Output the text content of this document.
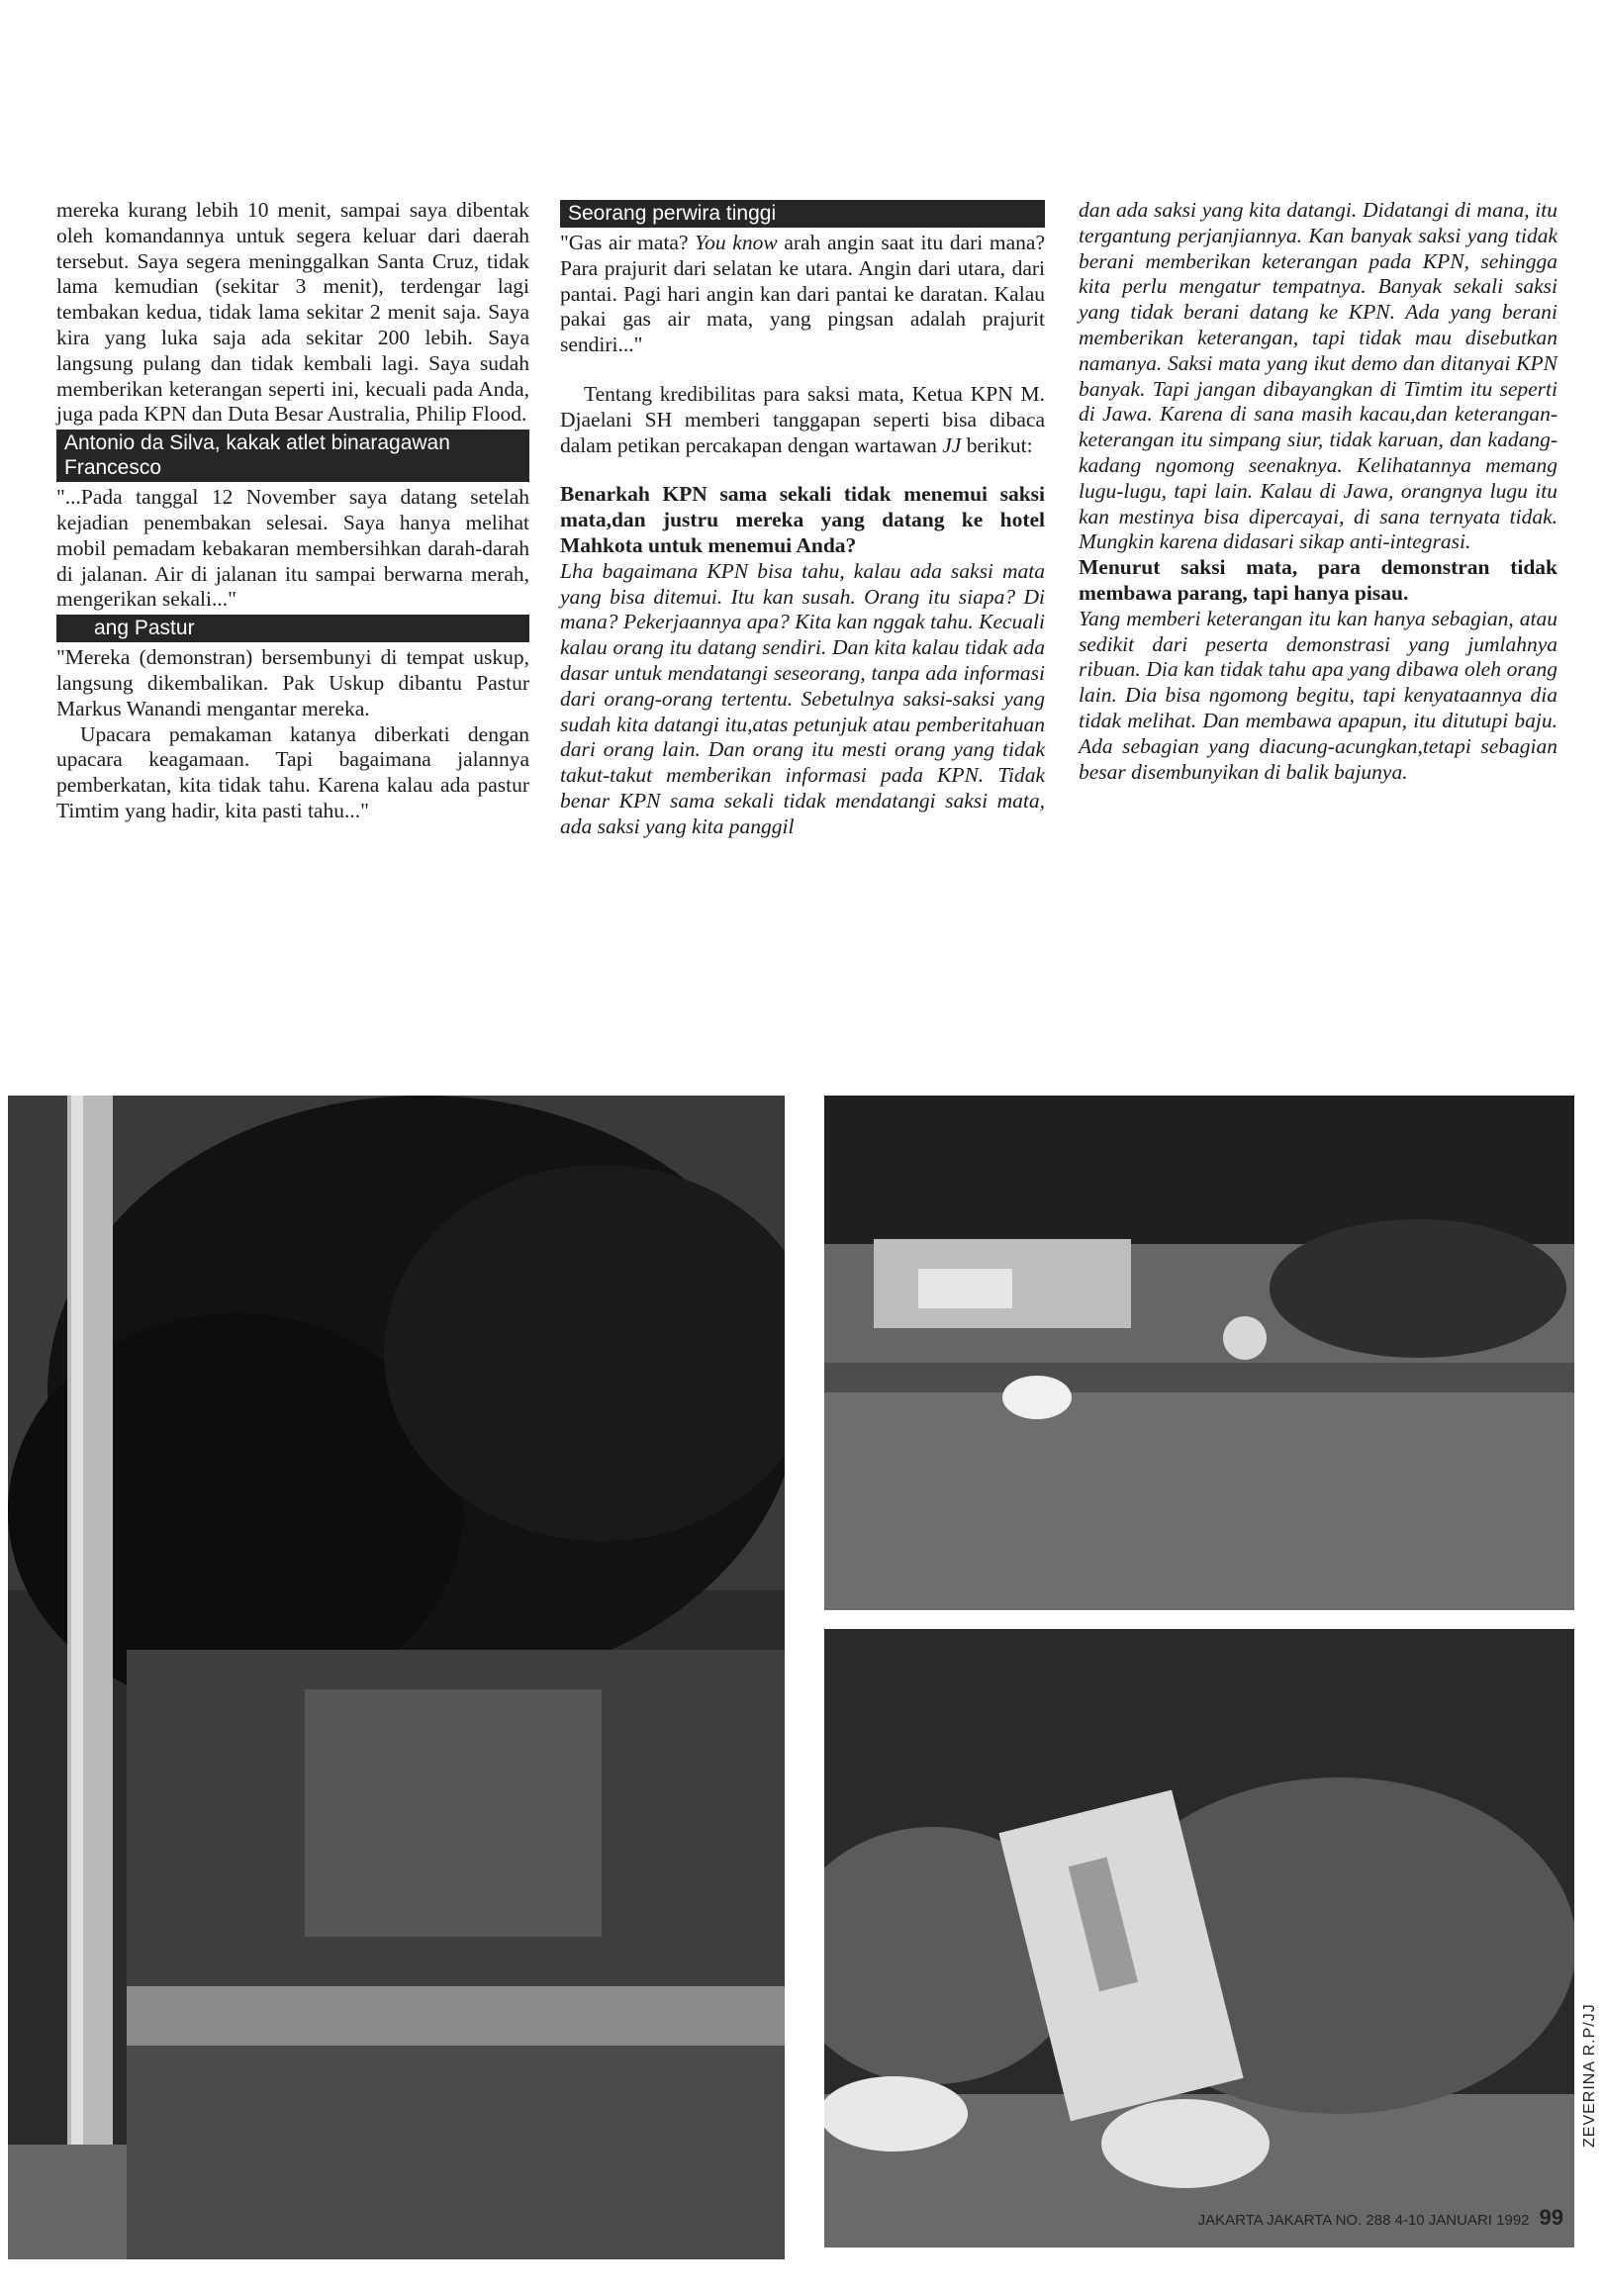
mereka kurang lebih 10 menit, sampai saya dibentak oleh komandannya untuk segera keluar dari daerah tersebut. Saya segera meninggalkan Santa Cruz, tidak lama kemudian (sekitar 3 menit), terdengar lagi tembakan kedua, tidak lama sekitar 2 menit saja. Saya kira yang luka saja ada sekitar 200 lebih. Saya langsung pulang dan tidak kembali lagi. Saya sudah memberikan keterangan seperti ini, kecuali pada Anda, juga pada KPN dan Duta Besar Australia, Philip Flood.

Antonio da Silva, kakak atlet binaragawan Francesco

"...Pada tanggal 12 November saya datang setelah kejadian penembakan selesai. Saya hanya melihat mobil pemadam kebakaran membersihkan darah-darah di jalanan. Air di jalanan itu sampai berwarna merah, mengerikan sekali..."

ang Pastur

"Mereka (demonstran) bersembunyi di tempat uskup, langsung dikembalikan. Pak Uskup dibantu Pastur Markus Wanandi mengantar mereka.

Upacara pemakaman katanya diberkati dengan upacara keagamaan. Tapi bagaimana jalannya pemberkatan, kita tidak tahu. Karena kalau ada pastur Timtim yang hadir, kita pasti tahu..."

Seorang perwira tinggi

"Gas air mata? You know arah angin saat itu dari mana? Para prajurit dari selatan ke utara. Angin dari utara, dari pantai. Pagi hari angin kan dari pantai ke daratan. Kalau pakai gas air mata, yang pingsan adalah prajurit sendiri..."

Tentang kredibilitas para saksi mata, Ketua KPN M. Djaelani SH memberi tanggapan seperti bisa dibaca dalam petikan percakapan dengan wartawan JJ berikut:

Benarkah KPN sama sekali tidak menemui saksi mata,dan justru mereka yang datang ke hotel Mahkota untuk menemui Anda?

Lha bagaimana KPN bisa tahu, kalau ada saksi mata yang bisa ditemui. Itu kan susah. Orang itu siapa? Di mana? Pekerjaannya apa? Kita kan nggak tahu. Kecuali kalau orang itu datang sendiri. Dan kita kalau tidak ada dasar untuk mendatangi seseorang, tanpa ada informasi dari orang-orang tertentu. Sebetulnya saksi-saksi yang sudah kita datangi itu,atas petunjuk atau pemberitahuan dari orang lain. Dan orang itu mesti orang yang tidak takut-takut memberikan informasi pada KPN. Tidak benar KPN sama sekali tidak mendatangi saksi mata, ada saksi yang kita panggil

dan ada saksi yang kita datangi. Didatangi di mana, itu tergantung perjanjiannya. Kan banyak saksi yang tidak berani memberikan keterangan pada KPN, sehingga kita perlu mengatur tempatnya. Banyak sekali saksi yang tidak berani datang ke KPN. Ada yang berani memberikan keterangan, tapi tidak mau disebutkan namanya. Saksi mata yang ikut demo dan ditanyai KPN banyak. Tapi jangan dibayangkan di Timtim itu seperti di Jawa. Karena di sana masih kacau,dan keterangan-keterangan itu simpang siur, tidak karuan, dan kadang-kadang ngomong seenaknya. Kelihatannya memang lugu-lugu, tapi lain. Kalau di Jawa, orangnya lugu itu kan mestinya bisa dipercayai, di sana ternyata tidak. Mungkin karena didasari sikap anti-integrasi.

Menurut saksi mata, para demonstran tidak membawa parang, tapi hanya pisau.

Yang memberi keterangan itu kan hanya sebagian, atau sedikit dari peserta demonstrasi yang jumlahnya ribuan. Dia kan tidak tahu apa yang dibawa oleh orang lain. Dia bisa ngomong begitu, tapi kenyataannya dia tidak melihat. Dan membawa apapun, itu ditutupi baju. Ada sebagian yang diacung-acungkan,tetapi sebagian besar disembunyikan di balik bajunya.

ZEVERINA R.P/JJ
JAKARTA JAKARTA NO. 288 4-10 JANUARI 1992 99
